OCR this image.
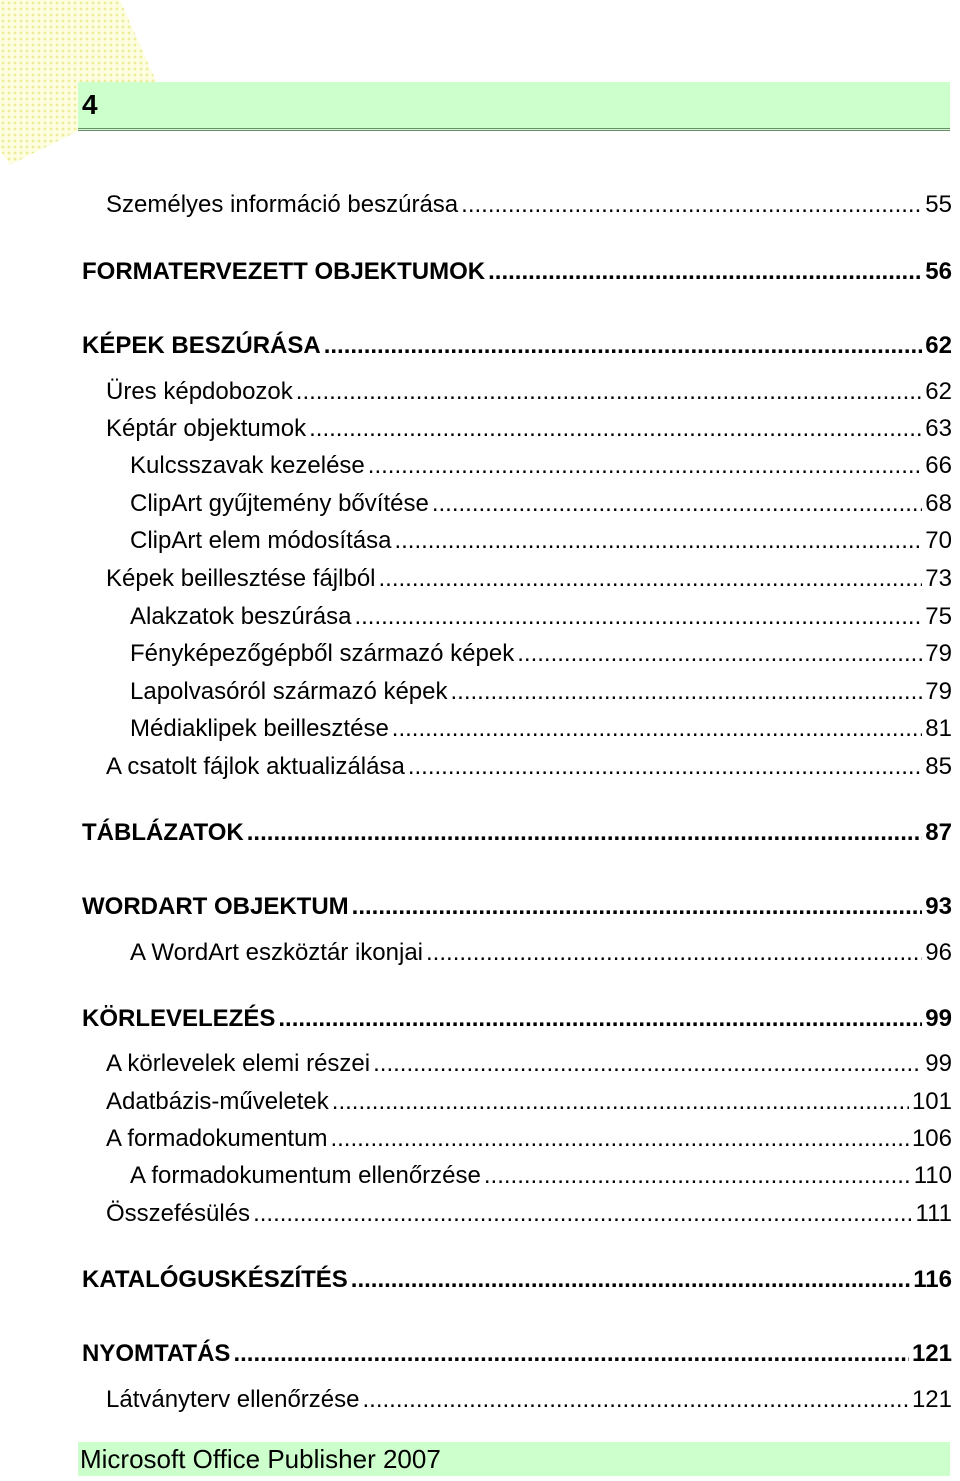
4
Személyes információ beszúrása .....	55
FORMATERVEZETT OBJEKTUMOK .....	56
KÉPEK BESZÚRÁSA .....	62
Üres képdobozok .....	62
Képtár objektumok .....	63
Kulcsszavak kezelése .....	66
ClipArt gyűjtemény bővítése .....	68
ClipArt elem módosítása .....	70
Képek beillesztése fájlból .....	73
Alakzatok beszúrása .....	75
Fényképezőgépből származó képek .....	79
Lapolvasóról származó képek .....	79
Médiaklipek beillesztése .....	81
A csatolt fájlok aktualizálása .....	85
TÁBLÁZATOK .....	87
WORDART OBJEKTUM .....	93
A WordArt eszköztár ikonjai .....	96
KÖRLEVELEZÉS .....	99
A körlevelek elemi részei .....	99
Adatbázis-műveletek .....	101
A formadokumentum .....	106
A formadokumentum ellenőrzése .....	110
Összefésülés .....	111
KATALÓGUSKÉSZÍTÉS .....	116
NYOMTATÁS .....	121
Látványterv ellenőrzése .....	121
Microsoft Office Publisher 2007
